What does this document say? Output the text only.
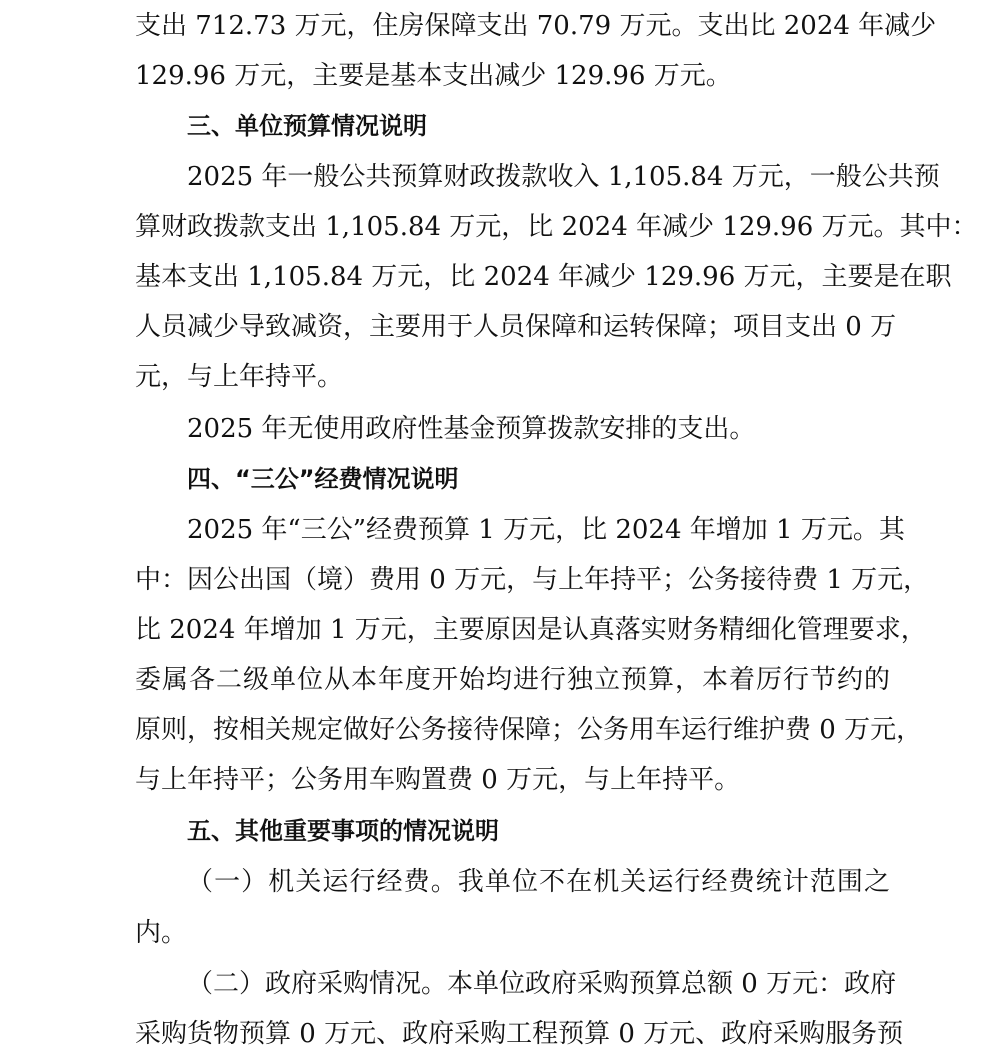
支出 712.73 万元，住房保障支出 70.79 万元。支出比 2024 年减少
129.96 万元，主要是基本支出减少 129.96 万元。
三、单位预算情况说明
2025 年一般公共预算财政拨款收入 1,105.84 万元，一般公共预
算财政拨款支出 1,105.84 万元，比 2024 年减少 129.96 万元。其中：
基本支出 1,105.84 万元，比 2024 年减少 129.96 万元，主要是在职
人员减少导致减资，主要用于人员保障和运转保障；项目支出 0 万
元，与上年持平。
2025 年无使用政府性基金预算拨款安排的支出。
四、“三公”经费情况说明
2025 年“三公”经费预算 1 万元，比 2024 年增加 1 万元。其
中：因公出国（境）费用 0 万元，与上年持平；公务接待费 1 万元，
比 2024 年增加 1 万元，主要原因是认真落实财务精细化管理要求，
委属各二级单位从本年度开始均进行独立预算，本着厉行节约的
原则，按相关规定做好公务接待保障；公务用车运行维护费 0 万元，
与上年持平；公务用车购置费 0 万元，与上年持平。
五、其他重要事项的情况说明
（一）机关运行经费。我单位不在机关运行经费统计范围之
内。
（二）政府采购情况。本单位政府采购预算总额 0 万元：政府
采购货物预算 0 万元、政府采购工程预算 0 万元、政府采购服务预
